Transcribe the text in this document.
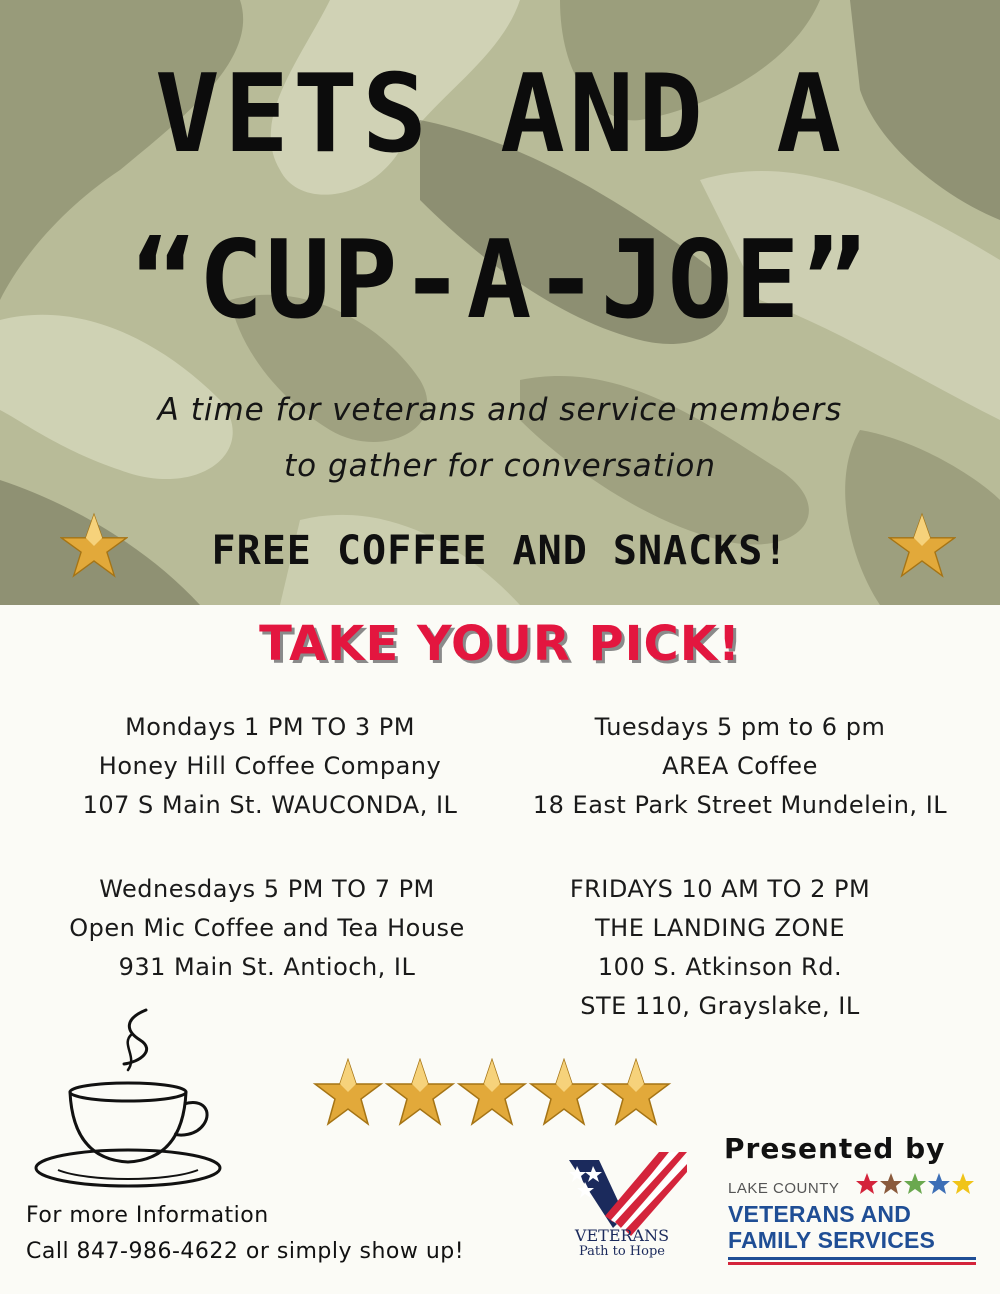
VETS AND A
“CUP-A-JOE”
A time for veterans and service members
to gather for conversation
FREE COFFEE AND SNACKS!
TAKE YOUR PICK!
Mondays 1 PM TO 3 PM
Honey Hill Coffee Company
107 S Main St. WAUCONDA, IL
Tuesdays 5 pm to 6 pm
AREA Coffee
18 East Park Street Mundelein, IL
Wednesdays 5 PM TO 7 PM
Open Mic Coffee and Tea House
931 Main St. Antioch, IL
FRIDAYS 10 AM TO 2 PM
THE LANDING ZONE
100 S. Atkinson Rd.
STE 110, Grayslake, IL
For more Information
Call 847-986-4622 or simply show up!
VETERANS
Path to Hope
Presented by
LAKE COUNTY
VETERANS AND
FAMILY SERVICES
